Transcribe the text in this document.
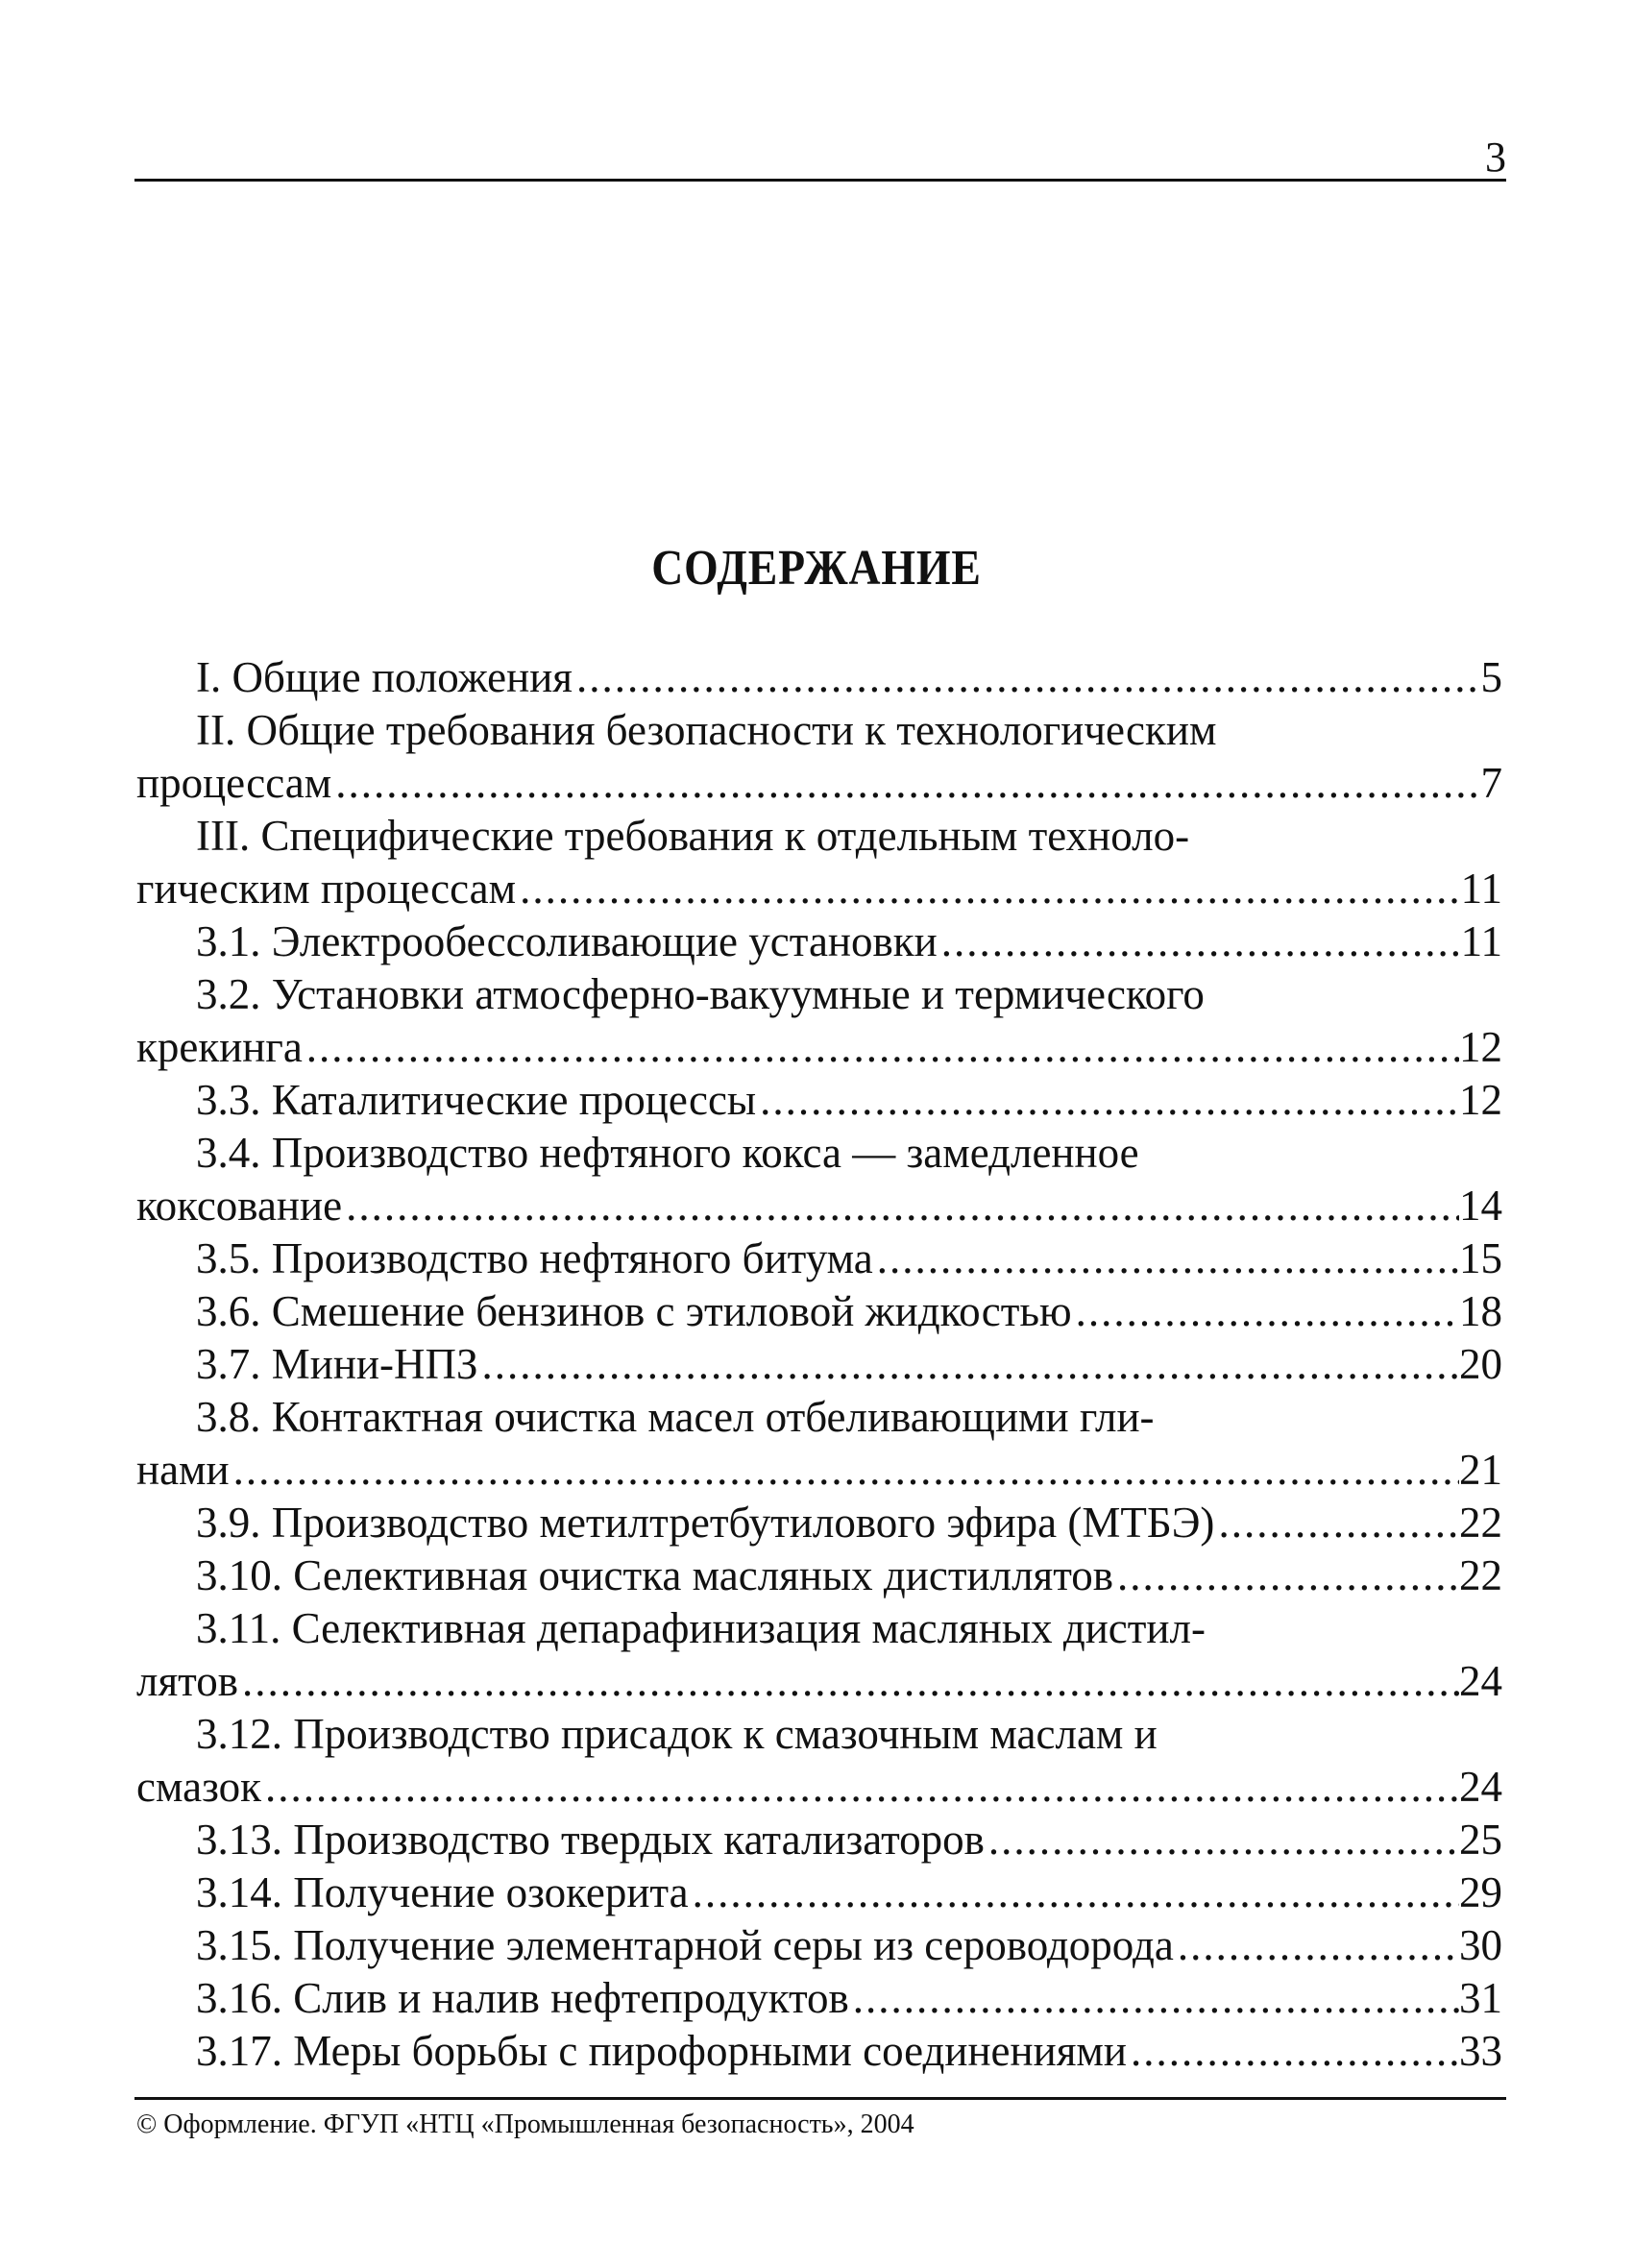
3
СОДЕРЖАНИЕ
I. Общие положения .....	5
II. Общие требования безопасности к технологическим
процессам .....	7
III. Специфические требования к отдельным техноло-
гическим процессам .....	11
3.1. Электрообессоливающие установки .....	11
3.2. Установки атмосферно-вакуумные и термического
крекинга .....	12
3.3. Каталитические процессы .....	12
3.4. Производство нефтяного кокса — замедленное
коксование .....	14
3.5. Производство нефтяного битума .....	15
3.6. Смешение бензинов с этиловой жидкостью .....	18
3.7. Мини-НПЗ .....	20
3.8. Контактная очистка масел отбеливающими гли-
нами .....	21
3.9. Производство метилтретбутилового эфира (МТБЭ) .....	22
3.10. Селективная очистка масляных дистиллятов .....	22
3.11. Селективная депарафинизация масляных дистил-
лятов .....	24
3.12. Производство присадок к смазочным маслам и
смазок .....	24
3.13. Производство твердых катализаторов .....	25
3.14. Получение озокерита .....	29
3.15. Получение элементарной серы из сероводорода .....	30
3.16. Слив и налив нефтепродуктов .....	31
3.17. Меры борьбы с пирофорными соединениями .....	33
© Оформление. ФГУП «НТЦ «Промышленная безопасность», 2004
